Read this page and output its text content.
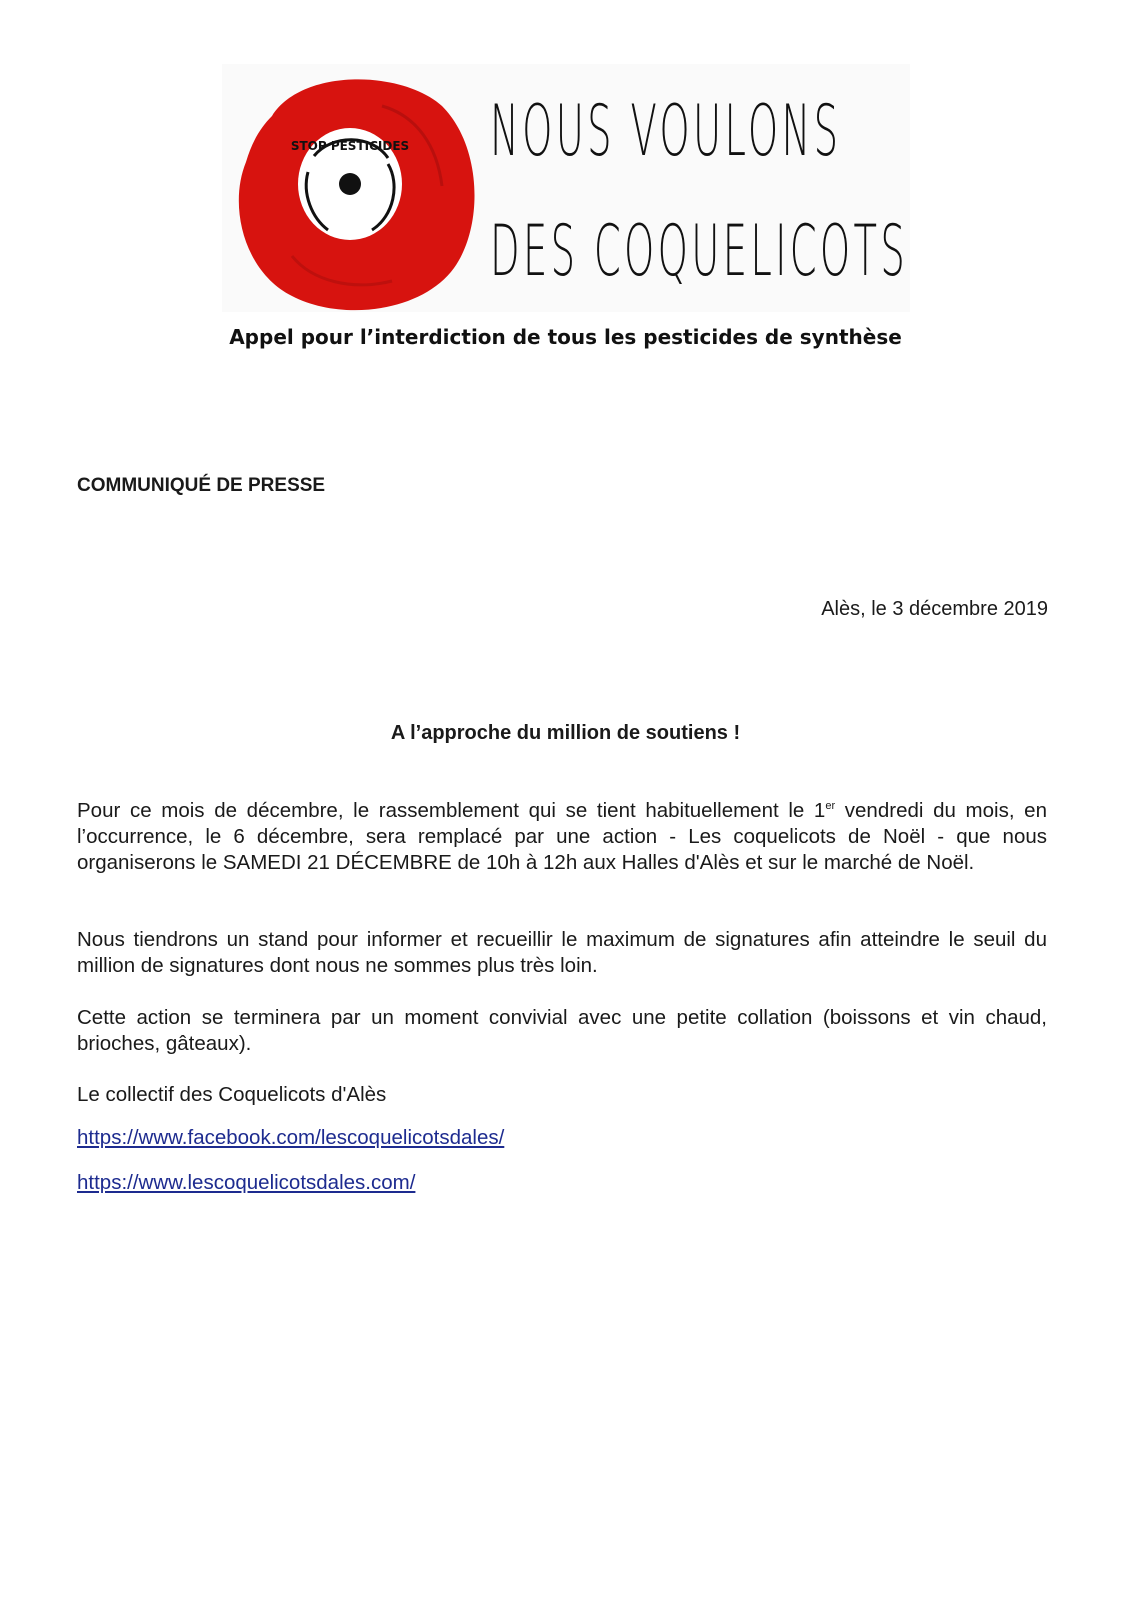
STOP PESTICIDES NOUS VOULONS
DES COQUELICOTS
Appel pour l’interdiction de tous les pesticides de synthèse
COMMUNIQUÉ DE PRESSE
Alès, le 3 décembre 2019
A l’approche du million de soutiens !
Pour ce mois de décembre, le rassemblement qui se tient habituellement le 1er vendredi du mois, en l’occurrence, le 6 décembre, sera remplacé par une action - Les coquelicots de Noël - que nous organiserons le SAMEDI 21 DÉCEMBRE de 10h à 12h aux Halles d'Alès et sur le marché de Noël.
Nous tiendrons un stand pour informer et recueillir le maximum de signatures afin atteindre le seuil du million de signatures dont nous ne sommes plus très loin.
Cette action se terminera par un moment convivial avec une petite collation (boissons et vin chaud, brioches, gâteaux).
Le collectif des Coquelicots d'Alès
https://www.facebook.com/lescoquelicotsdales/
https://www.lescoquelicotsdales.com/
